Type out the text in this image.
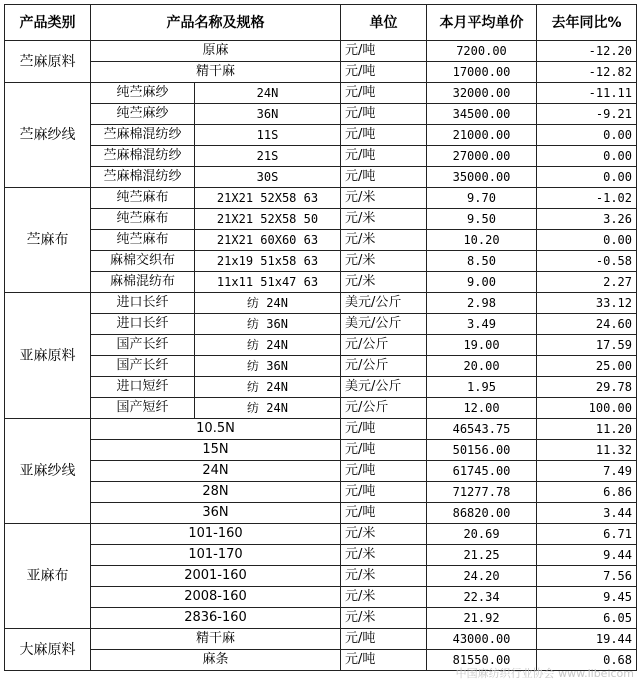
产品类别	产品名称及规格		单位	本月平均单价	去年同比%
苎麻原料	原麻		元/吨	7200.00	-12.20
	精干麻		元/吨	17000.00	-12.82
苎麻纱线	纯苎麻纱	24N	元/吨	32000.00	-11.11
	纯苎麻纱	36N	元/吨	34500.00	-9.21
	苎麻棉混纺纱	11S	元/吨	21000.00	0.00
	苎麻棉混纺纱	21S	元/吨	27000.00	0.00
	苎麻棉混纺纱	30S	元/吨	35000.00	0.00
苎麻布	纯苎麻布	21X21 52X58 63	元/米	9.70	-1.02
	纯苎麻布	21X21 52X58 50	元/米	9.50	3.26
	纯苎麻布	21X21 60X60 63	元/米	10.20	0.00
	麻棉交织布	21x19 51x58 63	元/米	8.50	-0.58
	麻棉混纺布	11x11 51x47 63	元/米	9.00	2.27
亚麻原料	进口长纤	纺 24N	美元/公斤	2.98	33.12
	进口长纤	纺 36N	美元/公斤	3.49	24.60
	国产长纤	纺 24N	元/公斤	19.00	17.59
	国产长纤	纺 36N	元/公斤	20.00	25.00
	进口短纤	纺 24N	美元/公斤	1.95	29.78
	国产短纤	纺 24N	元/公斤	12.00	100.00
亚麻纱线	10.5N		元/吨	46543.75	11.20
	15N		元/吨	50156.00	11.32
	24N		元/吨	61745.00	7.49
	28N		元/吨	71277.78	6.86
	36N		元/吨	86820.00	3.44
亚麻布	101-160		元/米	20.69	6.71
	101-170		元/米	21.25	9.44
	2001-160		元/米	24.20	7.56
	2008-160		元/米	22.34	9.45
	2836-160		元/米	21.92	6.05
大麻原料	精干麻		元/吨	43000.00	19.44
	麻条		元/吨	81550.00	0.68
中国麻纺织行业协会 www.libeicom
